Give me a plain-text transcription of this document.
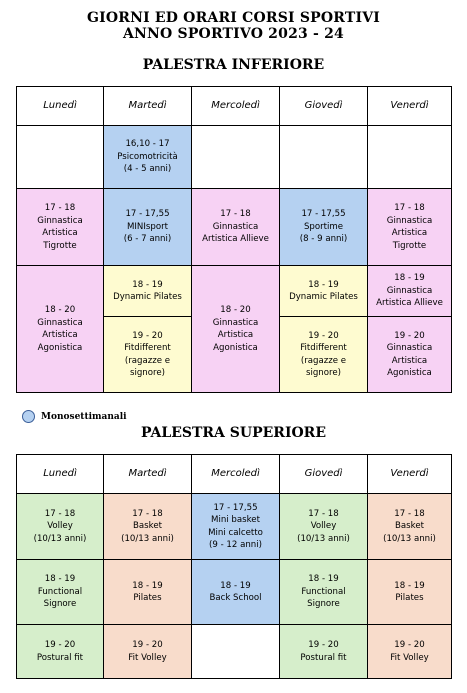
GIORNI ED ORARI CORSI SPORTIVI
ANNO SPORTIVO 2023 - 24
PALESTRA INFERIORE
Lunedì	Martedì	Mercoledì	Giovedì	Venerdì

	16,10 - 17
Psicomotricità
(4 - 5 anni)			

17 - 18
Ginnastica
Artistica
Tigrotte	17 - 17,55
MINIsport
(6 - 7 anni)	17 - 18
Ginnastica
Artistica Allieve	17 - 17,55
Sportime
(8 - 9 anni)	17 - 18
Ginnastica
Artistica
Tigrotte

18 - 20
Ginnastica
Artistica
Agonistica	18 - 19
Dynamic Pilates	18 - 20
Ginnastica
Artistica
Agonistica	18 - 19
Dynamic Pilates	18 - 19
Ginnastica
Artistica Allieve

	19 - 20
Fitdifferent
(ragazze e
signore)		19 - 20
Fitdifferent
(ragazze e
signore)	19 - 20
Ginnastica
Artistica
Agonistica
Monosettimanali
PALESTRA SUPERIORE
Lunedì	Martedì	Mercoledì	Giovedì	Venerdì

17 - 18
Volley
(10/13 anni)	17 - 18
Basket
(10/13 anni)	17 - 17,55
Mini basket
Mini calcetto
(9 - 12 anni)	17 - 18
Volley
(10/13 anni)	17 - 18
Basket
(10/13 anni)

18 - 19
Functional
Signore	18 - 19
Pilates	18 - 19
Back School	18 - 19
Functional
Signore	18 - 19
Pilates

19 - 20
Postural fit	19 - 20
Fit Volley		19 - 20
Postural fit	19 - 20
Fit Volley
